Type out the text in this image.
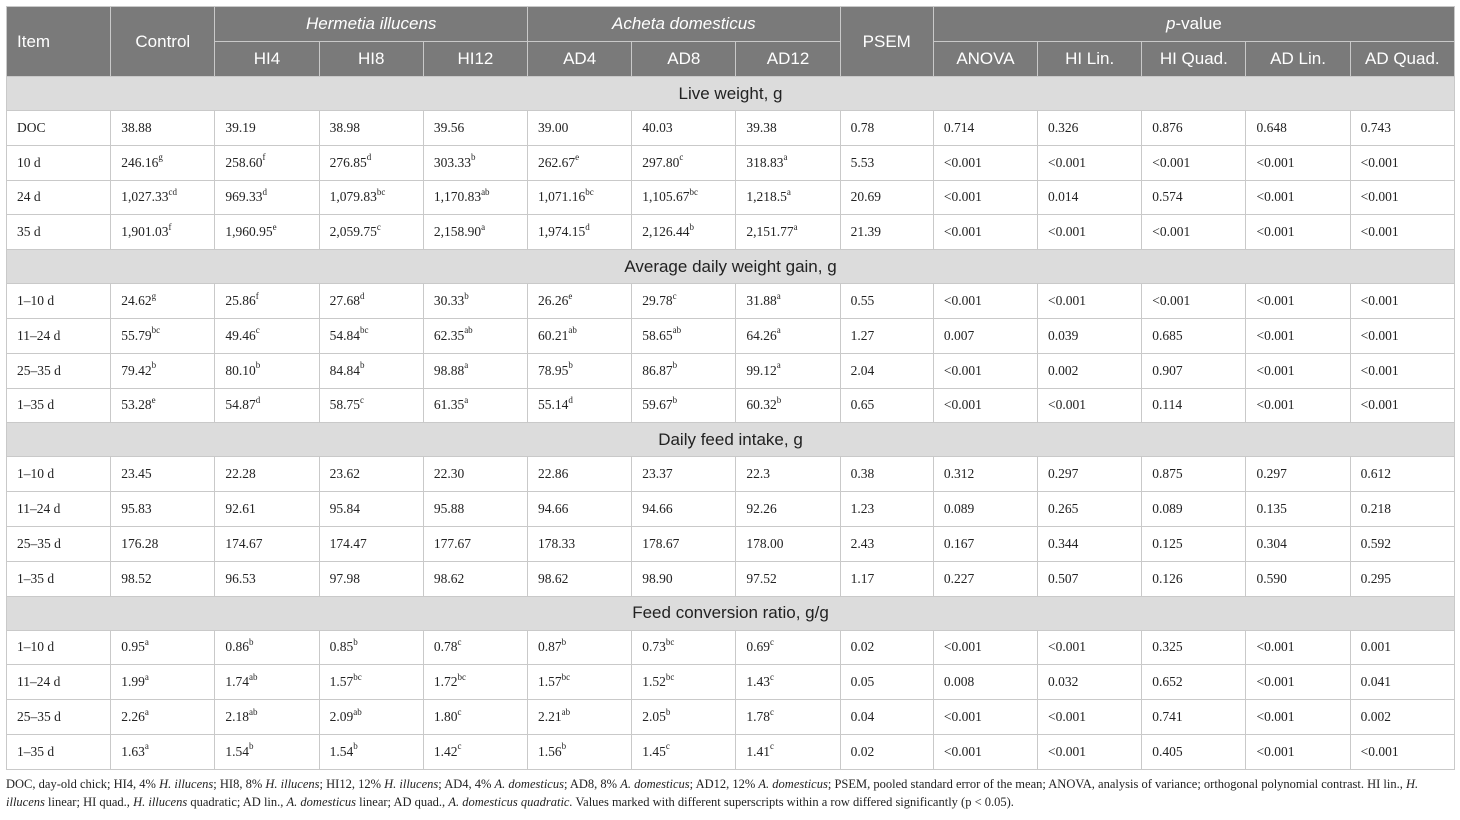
Item	Control	Hermetia illucens			Acheta domesticus			PSEM	p-value				
		HI4	HI8	HI12	AD4	AD8	AD12		ANOVA	HI Lin.	HI Quad.	AD Lin.	AD Quad.
Live weight, g													
DOC	38.88	39.19	38.98	39.56	39.00	40.03	39.38	0.78	0.714	0.326	0.876	0.648	0.743
10 d	246.16$^g$	258.60$^f$	276.85$^d$	303.33$^b$	262.67e	297.80$^c$	318.83$^a$	5.53	<0.001	<0.001	<0.001	<0.001	<0.001
24 d	1,027.33$^{cd}$	969.33$^d$	1,079.83$^{bc}$	1,170.83$^{ab}$	1,071.16$^{bc}$	1,105.67$^{bc}$	1,218.5$^a$	20.69	<0.001	0.014	0.574	<0.001	<0.001
35 d	1,901.03$^f$	1,960.95e	2,059.75$^c$	2,158.90$^a$	1,974.15$^d$	2,126.44$^b$	2,151.77$^a$	21.39	<0.001	<0.001	<0.001	<0.001	<0.001
Average daily weight gain, g													
1–10 d	24.62$^g$	25.86$^f$	27.68$^d$	30.33$^b$	26.26e	29.78$^c$	31.88$^a$	0.55	<0.001	<0.001	<0.001	<0.001	<0.001
11–24 d	55.79$^{bc}$	49.46$^c$	54.84$^{bc}$	62.35$^{ab}$	60.21$^{ab}$	58.65$^{ab}$	64.26$^a$	1.27	0.007	0.039	0.685	<0.001	<0.001
25–35 d	79.42$^b$	80.10$^b$	84.84$^b$	98.88$^a$	78.95$^b$	86.87$^b$	99.12$^a$	2.04	<0.001	0.002	0.907	<0.001	<0.001
1–35 d	53.28e	54.87$^d$	58.75$^c$	61.35$^a$	55.14$^d$	59.67$^b$	60.32$^b$	0.65	<0.001	<0.001	0.114	<0.001	<0.001
Daily feed intake, g													
1–10 d	23.45	22.28	23.62	22.30	22.86	23.37	22.3	0.38	0.312	0.297	0.875	0.297	0.612
11–24 d	95.83	92.61	95.84	95.88	94.66	94.66	92.26	1.23	0.089	0.265	0.089	0.135	0.218
25–35 d	176.28	174.67	174.47	177.67	178.33	178.67	178.00	2.43	0.167	0.344	0.125	0.304	0.592
1–35 d	98.52	96.53	97.98	98.62	98.62	98.90	97.52	1.17	0.227	0.507	0.126	0.590	0.295
Feed conversion ratio, g/g													
1–10 d	0.95$^a$	0.86$^b$	0.85$^b$	0.78$^c$	0.87$^b$	0.73$^{bc}$	0.69$^c$	0.02	<0.001	<0.001	0.325	<0.001	0.001
11–24 d	1.99$^a$	1.74$^{ab}$	1.57$^{bc}$	1.72$^{bc}$	1.57$^{bc}$	1.52$^{bc}$	1.43$^c$	0.05	0.008	0.032	0.652	<0.001	0.041
25–35 d	2.26$^a$	2.18$^{ab}$	2.09$^{ab}$	1.80$^c$	2.21$^{ab}$	2.05$^b$	1.78$^c$	0.04	<0.001	<0.001	0.741	<0.001	0.002
1–35 d	1.63$^a$	1.54$^b$	1.54$^b$	1.42$^c$	1.56$^b$	1.45$^c$	1.41$^c$	0.02	<0.001	<0.001	0.405	<0.001	<0.001
DOC, day-old chick; HI4, 4% H. illucens; HI8, 8% H. illucens; HI12, 12% H. illucens; AD4, 4% A. domesticus; AD8, 8% A. domesticus; AD12, 12% A. domesticus; PSEM, pooled standard error of the mean; ANOVA, analysis of variance; orthogonal polynomial contrast. HI lin., H. illucens linear; HI quad., H. illucens quadratic; AD lin., A. domesticus linear; AD quad., A. domesticus quadratic. Values marked with different superscripts within a row differed significantly (p < 0.05).
